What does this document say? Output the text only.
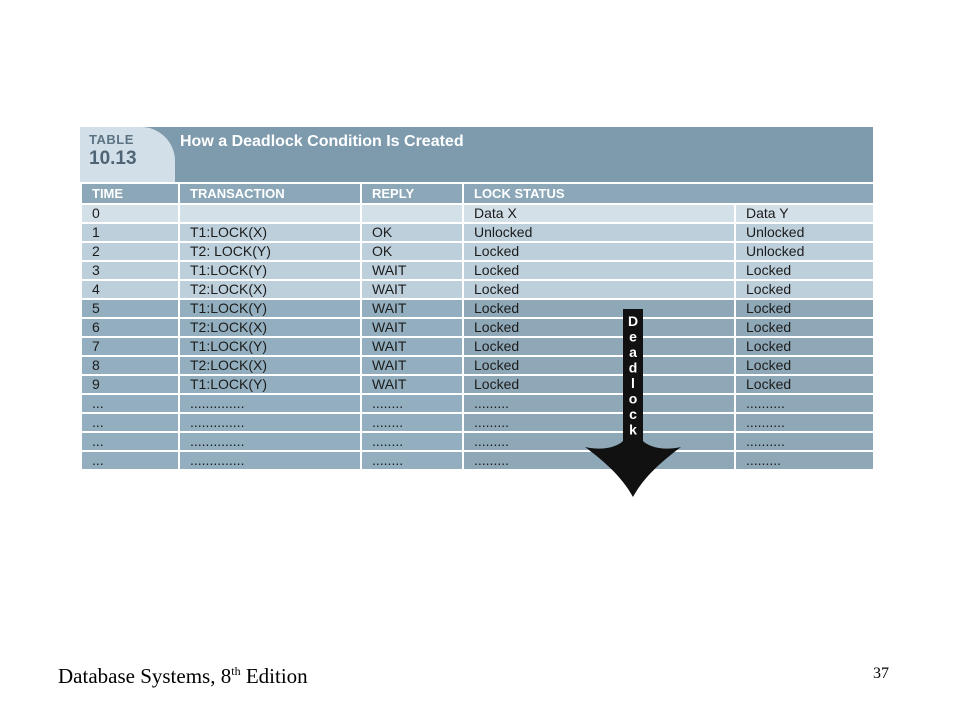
TABLE
10.13
How a Deadlock Condition Is Created
TIME	TRANSACTION	REPLY	LOCK STATUS	
0			Data X	Data Y
1	T1:LOCK(X)	OK	Unlocked	Unlocked
2	T2: LOCK(Y)	OK	Locked	Unlocked
3	T1:LOCK(Y)	WAIT	Locked	Locked
4	T2:LOCK(X)	WAIT	Locked	Locked
5	T1:LOCK(Y)	WAIT	Locked	Locked
6	T2:LOCK(X)	WAIT	Locked	Locked
7	T1:LOCK(Y)	WAIT	Locked	Locked
8	T2:LOCK(X)	WAIT	Locked	Locked
9	T1:LOCK(Y)	WAIT	Locked	Locked
...	..............	........	.........	..........
...	..............	........	.........	..........
...	..............	........	.........	..........
...	..............	........	.........	.........
D
e
a
d
l
o
c
k
Database Systems, 8th Edition	37
